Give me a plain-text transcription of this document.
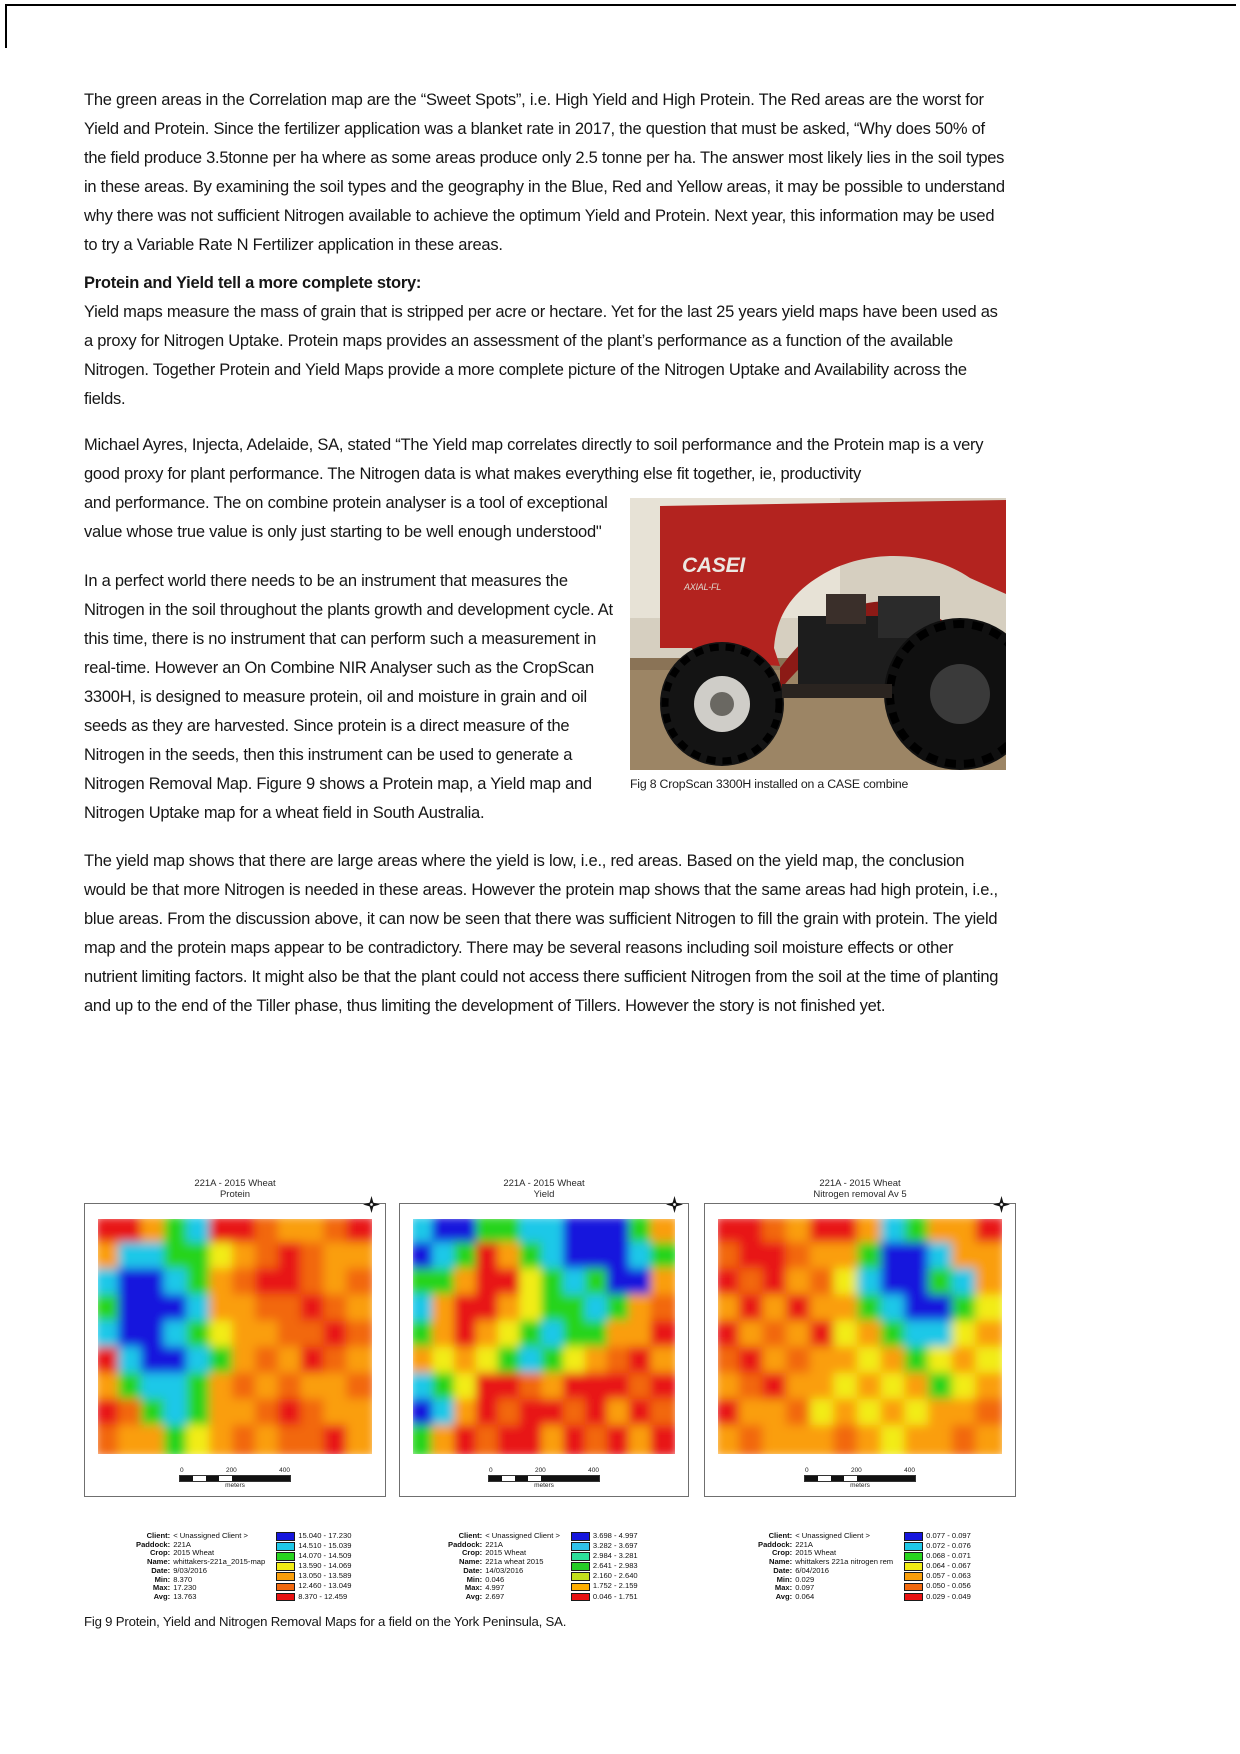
The green areas in the Correlation map are the “Sweet Spots”, i.e. High Yield and High Protein. The Red areas are the worst for Yield and Protein. Since the fertilizer application was a blanket rate in 2017, the question that must be asked, “Why does 50% of the field produce 3.5tonne per ha where as some areas produce only 2.5 tonne per ha. The answer most likely lies in the soil types in these areas. By examining the soil types and the geography in the Blue, Red and Yellow areas, it may be possible to understand why there was not sufficient Nitrogen available to achieve the optimum Yield and Protein. Next year, this information may be used to try a Variable Rate N Fertilizer application in these areas.

Protein and Yield tell a more complete story:

Yield maps measure the mass of grain that is stripped per acre or hectare. Yet for the last 25 years yield maps have been used as a proxy for Nitrogen Uptake. Protein maps provides an assessment of the plant’s performance as a function of the available Nitrogen. Together Protein and Yield Maps provide a more complete picture of the Nitrogen Uptake and Availability across the fields.

Michael Ayres, Injecta, Adelaide, SA, stated “The Yield map correlates directly to soil performance and the Protein map is a very good proxy for plant performance. The Nitrogen data is what makes everything else fit together, ie, productivity

CASEI
AXIAL-FL
Fig 8 CropScan 3300H installed on a CASE combine

and performance. The on combine protein analyser is a tool of exceptional value whose true value is only just starting to be well enough understood"

In a perfect world there needs to be an instrument that measures the Nitrogen in the soil throughout the plants growth and development cycle. At this time, there is no instrument that can perform such a measurement in real-time. However an On Combine NIR Analyser such as the CropScan 3300H, is designed to measure protein, oil and moisture in grain and oil seeds as they are harvested. Since protein is a direct measure of the Nitrogen in the seeds, then this instrument can be used to generate a Nitrogen Removal Map. Figure 9 shows a Protein map, a Yield map and Nitrogen Uptake map for a wheat field in South Australia.

The yield map shows that there are large areas where the yield is low, i.e., red areas. Based on the yield map, the conclusion would be that more Nitrogen is needed in these areas. However the protein map shows that the same areas had high protein, i.e., blue areas. From the discussion above, it can now be seen that there was sufficient Nitrogen to fill the grain with protein. The yield map and the protein maps appear to be contradictory. There may be several reasons including soil moisture effects or other nutrient limiting factors. It might also be that the plant could not access there sufficient Nitrogen from the soil at the time of planting and up to the end of the Tiller phase, thus limiting the development of Tillers. However the story is not finished yet.

221A - 2015 Wheat
Protein
0	200	400
meters
221A - 2015 Wheat
Yield
0	200	400
meters
221A - 2015 Wheat
Nitrogen removal Av 5
0	200	400
meters
Client: < Unassigned Client >
Paddock: 221A
Crop: 2015 Wheat
Name: whittakers-221a_2015-map
Date: 9/03/2016
Min: 8.370
Max: 17.230
Avg: 13.763
15.040 - 17.230
14.510 - 15.039
14.070 - 14.509
13.590 - 14.069
13.050 - 13.589
12.460 - 13.049
8.370 - 12.459
Client: < Unassigned Client >
Paddock: 221A
Crop: 2015 Wheat
Name: 221a wheat 2015
Date: 14/03/2016
Min: 0.046
Max: 4.997
Avg: 2.697
3.698 - 4.997
3.282 - 3.697
2.984 - 3.281
2.641 - 2.983
2.160 - 2.640
1.752 - 2.159
0.046 - 1.751
Client: < Unassigned Client >
Paddock: 221A
Crop: 2015 Wheat
Name: whittakers 221a nitrogen rem
Date: 6/04/2016
Min: 0.029
Max: 0.097
Avg: 0.064
0.077 - 0.097
0.072 - 0.076
0.068 - 0.071
0.064 - 0.067
0.057 - 0.063
0.050 - 0.056
0.029 - 0.049

Fig 9 Protein, Yield and Nitrogen Removal Maps for a field on the York Peninsula, SA.
